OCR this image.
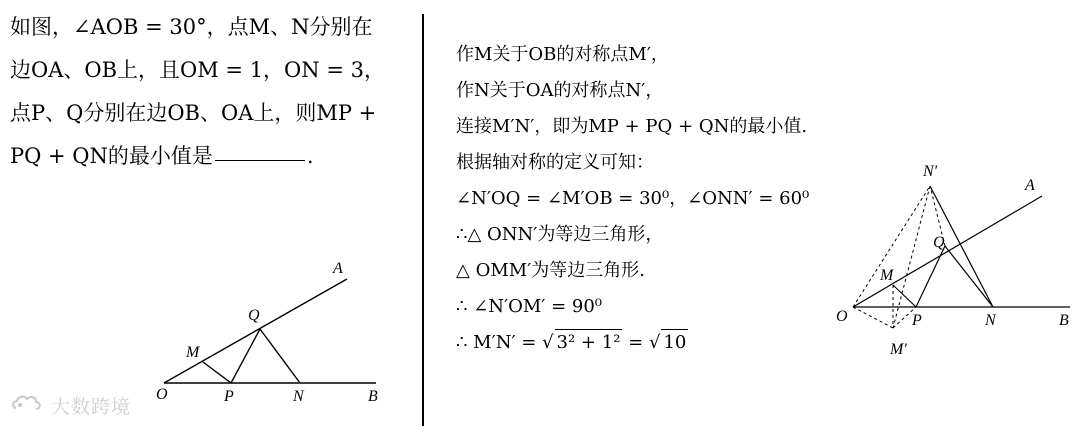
如图，∠AOB = 30°，点M、N分别在
边OA、OB上，且OM = 1，ON = 3，
点P、Q分别在边OB、OA上，则MP +
PQ + QN的最小值是	.
A
Q
M
O	P	N	B
作M关于OB的对称点M′，
作N关于OA的对称点N′，
连接M′N′，即为MP + PQ + QN的最小值.
根据轴对称的定义可知：
∠N′OQ = ∠M′OB = 30⁰，∠ONN′ = 60⁰
∴△ ONN′为等边三角形，
△ OMM′为等边三角形.
∴ ∠N′OM′ = 90⁰
∴ M′N′ = √ 3² + 1² = √ 10
N′
A
Q
M
O	P	N	B
M′
大数跨境
